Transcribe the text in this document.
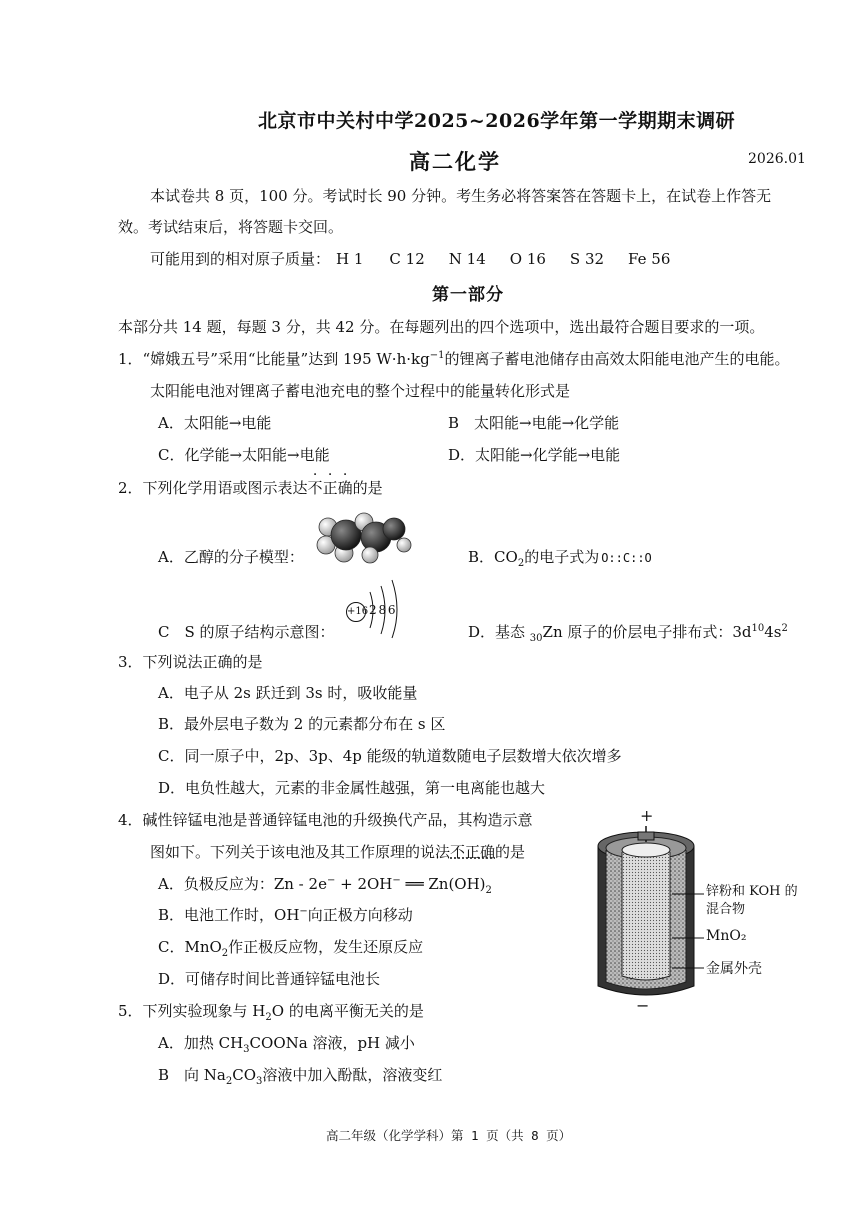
北京市中关村中学2025~2026学年第一学期期末调研
高二化学	2026.01
本试卷共 8 页，100 分。考试时长 90 分钟。考生务必将答案答在答题卡上，在试卷上作答无
效。考试结束后，将答题卡交回。
可能用到的相对原子质量： H 1 C 12 N 14 O 16 S 32 Fe 56
第一部分
本部分共 14 题，每题 3 分，共 42 分。在每题列出的四个选项中，选出最符合题目要求的一项。
1．“嫦娥五号”采用“比能量”达到 195 $W\cdot h\cdot kg^{-1}$的锂离子蓄电池储存由高效太阳能电池产生的电能。
太阳能电池对锂离子蓄电池充电的整个过程中的能量转化形式是
A．太阳能→电能	B　太阳能→电能→化学能
C．化学能→太阳能→电能	D．太阳能→化学能→电能
2．下列化学用语或图示表达不正确的是
A．乙醇的分子模型：	B．$CO_2$的电子式为 O::C::O
C　S 的原子结构示意图：
+16 2 8 6
D．基态 $_{30}$Zn 原子的价层电子排布式：$3d^{10}4s^2$
3．下列说法正确的是
A．电子从 2s 跃迁到 3s 时，吸收能量
B．最外层电子数为 2 的元素都分布在 s 区
C．同一原子中，2p、3p、4p 能级的轨道数随电子层数增大依次增多
D．电负性越大，元素的非金属性越强，第一电离能也越大
4．碱性锌锰电池是普通锌锰电池的升级换代产品，其构造示意
图如下。下列关于该电池及其工作原理的说法不正确的是
A．负极反应为：Zn - 2e− + 2OH− ══ $Zn(OH)_2$
B．电池工作时，OH−向正极方向移动
C．MnO$_2$作正极反应物，发生还原反应
D．可储存时间比普通锌锰电池长
+
−
锌粉和 KOH 的
混合物
MnO₂
金属外壳
5．下列实验现象与 $H_2O$ 的电离平衡无关的是
A．加热 $CH_3COONa$ 溶液，pH 减小
B　向 $Na_2CO_3$溶液中加入酚酞，溶液变红
高二年级（化学学科）第 1 页（共 8 页）
